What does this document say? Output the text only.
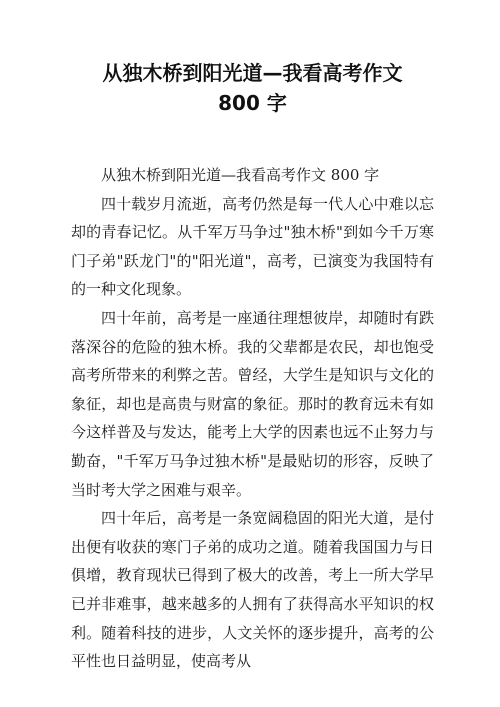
从独木桥到阳光道—我看高考作文
800 字

从独木桥到阳光道—我看高考作文 800 字

四十载岁月流逝，高考仍然是每一代人心中难以忘却的青春记忆。从千军万马争过"独木桥"到如今千万寒门子弟"跃龙门"的"阳光道"，高考，已演变为我国特有的一种文化现象。

四十年前，高考是一座通往理想彼岸，却随时有跌落深谷的危险的独木桥。我的父辈都是农民，却也饱受高考所带来的利弊之苦。曾经，大学生是知识与文化的象征，却也是高贵与财富的象征。那时的教育远未有如今这样普及与发达，能考上大学的因素也远不止努力与勤奋，"千军万马争过独木桥"是最贴切的形容，反映了当时考大学之困难与艰辛。

四十年后，高考是一条宽阔稳固的阳光大道，是付出便有收获的寒门子弟的成功之道。随着我国国力与日俱增，教育现状已得到了极大的改善，考上一所大学早已并非难事，越来越多的人拥有了获得高水平知识的权利。随着科技的进步，人文关怀的逐步提升，高考的公平性也日益明显，使高考从
